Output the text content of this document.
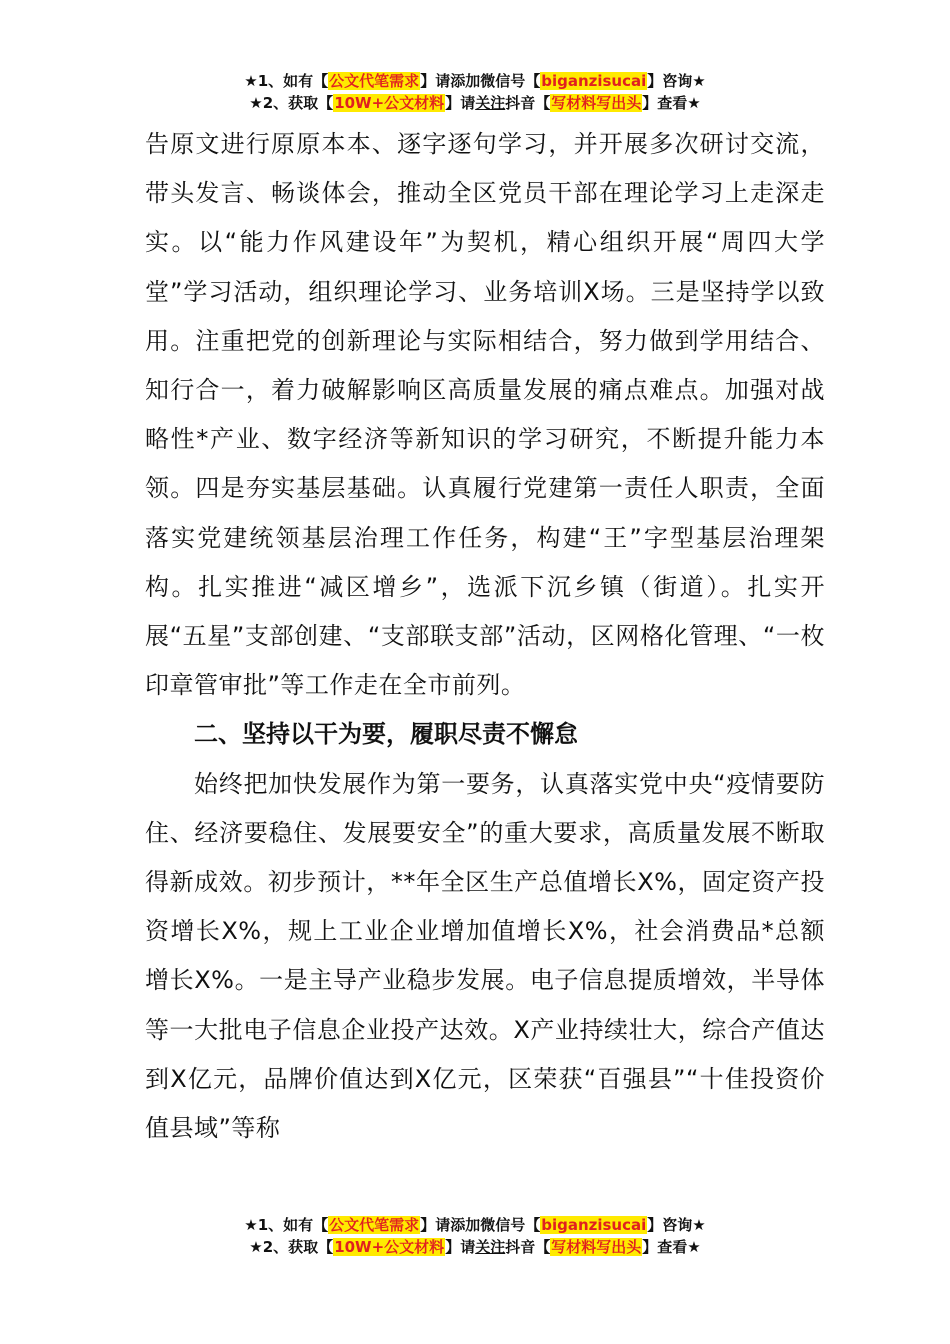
★1、如有【公文代笔需求】请添加微信号【biganzisucai】咨询★
★2、获取【10W+公文材料】请关注抖音【写材料写出头】查看★

告原文进行原原本本、逐字逐句学习，并开展多次研讨交流，带头发言、畅谈体会，推动全区党员干部在理论学习上走深走实。以“能力作风建设年”为契机，精心组织开展“周四大学堂”学习活动，组织理论学习、业务培训X场。三是坚持学以致用。注重把党的创新理论与实际相结合，努力做到学用结合、知行合一，着力破解影响区高质量发展的痛点难点。加强对战略性*产业、数字经济等新知识的学习研究，不断提升能力本领。四是夯实基层基础。认真履行党建第一责任人职责，全面落实党建统领基层治理工作任务，构建“王”字型基层治理架构。扎实推进“减区增乡”，选派下沉乡镇（街道）。扎实开展“五星”支部创建、“支部联支部”活动，区网格化管理、“一枚印章管审批”等工作走在全市前列。

二、坚持以干为要，履职尽责不懈怠

始终把加快发展作为第一要务，认真落实党中央“疫情要防住、经济要稳住、发展要安全”的重大要求，高质量发展不断取得新成效。初步预计，**年全区生产总值增长X%，固定资产投资增长X%，规上工业企业增加值增长X%，社会消费品*总额增长X%。一是主导产业稳步发展。电子信息提质增效，半导体等一大批电子信息企业投产达效。X产业持续壮大，综合产值达到X亿元，品牌价值达到X亿元，区荣获“百强县”“十佳投资价值县域”等称

★1、如有【公文代笔需求】请添加微信号【biganzisucai】咨询★
★2、获取【10W+公文材料】请关注抖音【写材料写出头】查看★
